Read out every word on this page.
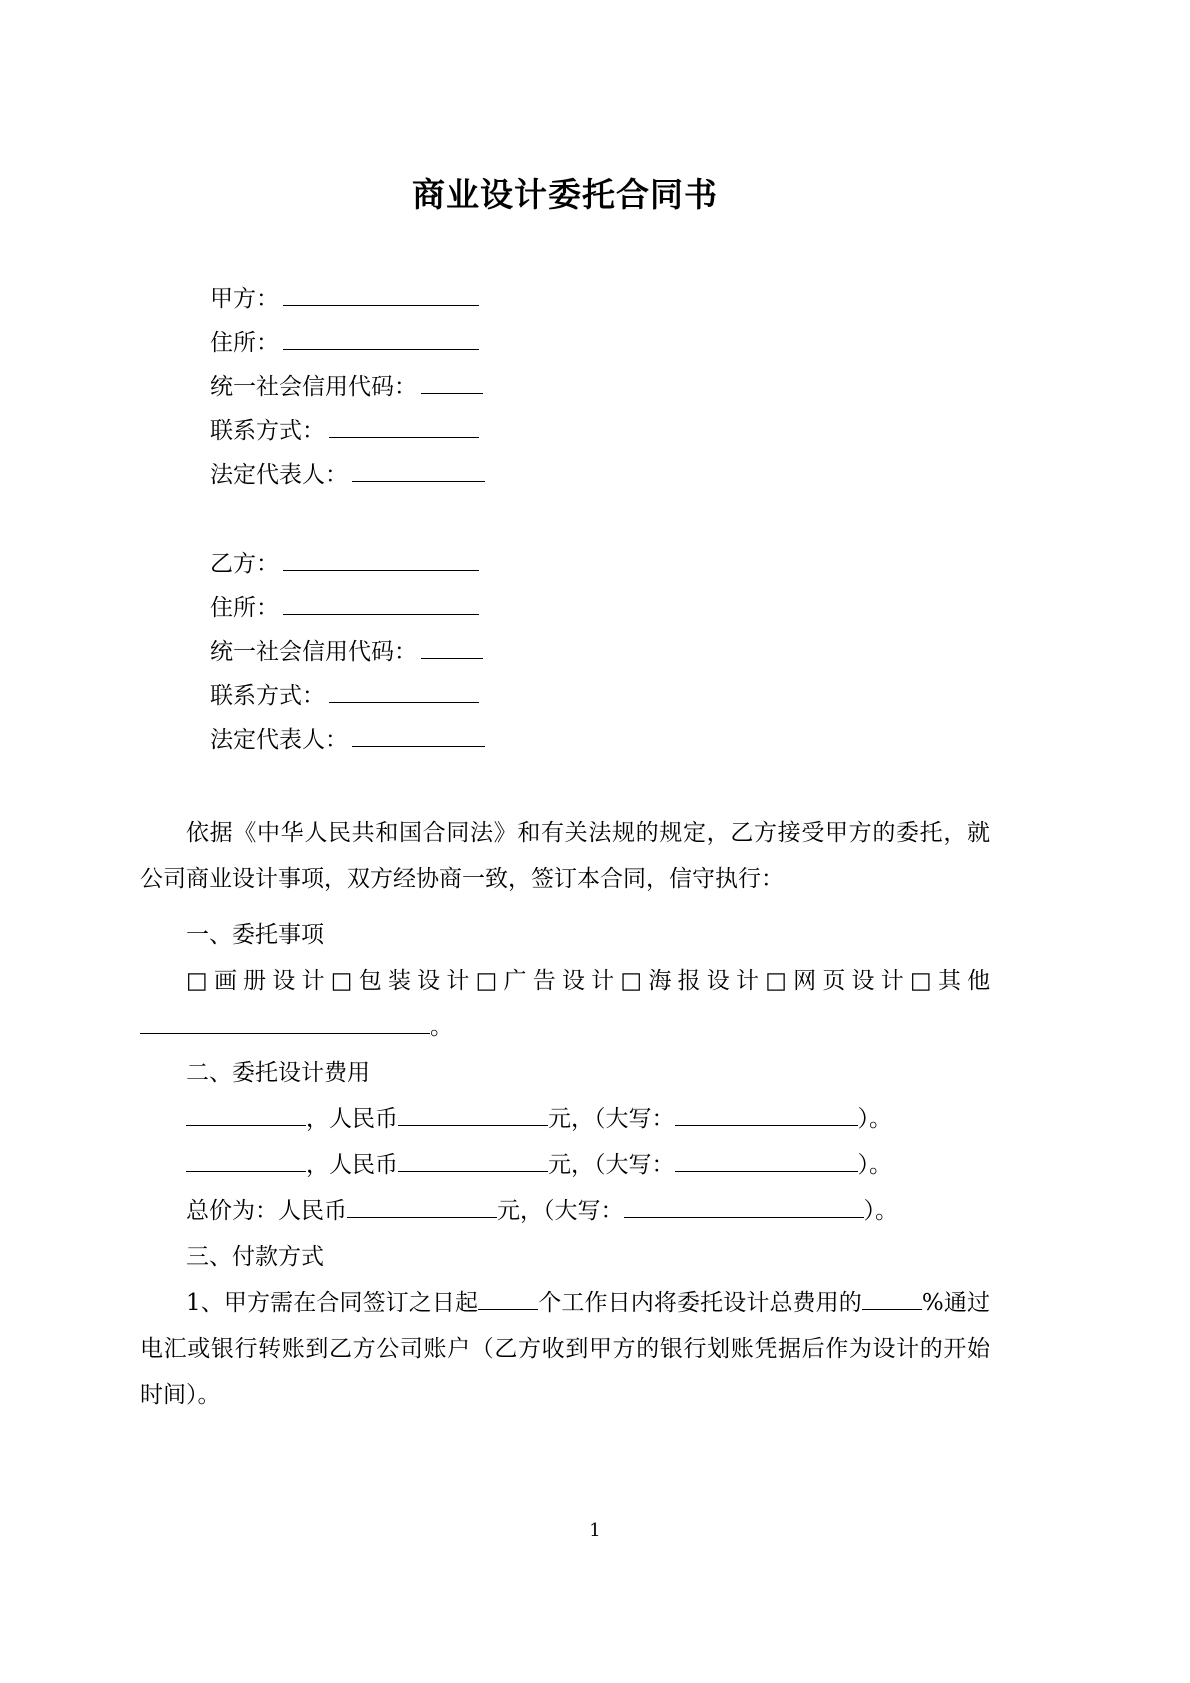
商业设计委托合同书
甲方：
住所：
统一社会信用代码：
联系方式：
法定代表人：
乙方：
住所：
统一社会信用代码：
联系方式：
法定代表人：

依据《中华人民共和国合同法》和有关法规的规定，乙方接受甲方的委托，就公司商业设计事项，双方经协商一致，签订本合同，信守执行：

一、委托事项

□画册设计□包装设计□广告设计□海报设计□网页设计□其他。

二、委托设计费用

，人民币	元，（大写：	）。

，人民币	元，（大写：	）。

总价为：人民币	元，（大写：	）。

三、付款方式

1、甲方需在合同签订之日起	个工作日内将委托设计总费用的	%通过电汇或银行转账到乙方公司账户（乙方收到甲方的银行划账凭据后作为设计的开始时间）。

1
